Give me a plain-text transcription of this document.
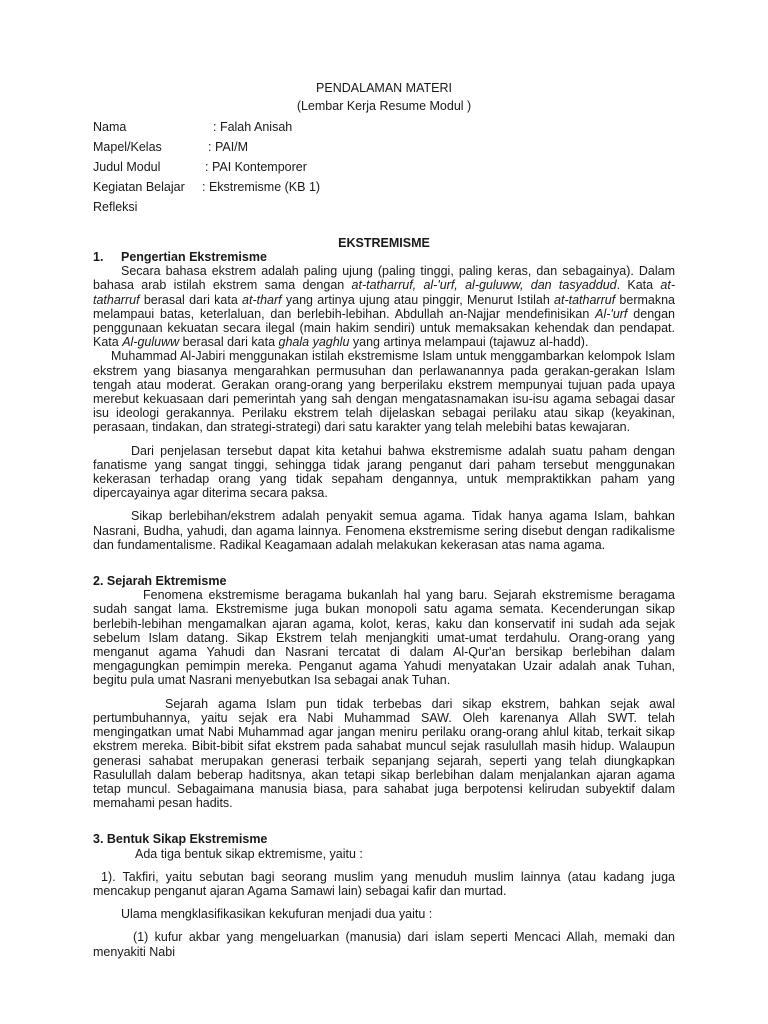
PENDALAMAN MATERI
(Lembar Kerja Resume Modul )
Nama	: Falah Anisah
Mapel/Kelas	: PAI/M
Judul Modul	: PAI Kontemporer
Kegiatan Belajar : Ekstremisme (KB 1)
Refleksi
EKSTREMISME
1. Pengertian Ekstremisme

Secara bahasa ekstrem adalah paling ujung (paling tinggi, paling keras, dan sebagainya). Dalam bahasa arab istilah ekstrem sama dengan at-tatharruf, al-'urf, al-guluww, dan tasyaddud. Kata at-tatharruf berasal dari kata at-tharf yang artinya ujung atau pinggir, Menurut Istilah at-tatharruf bermakna melampaui batas, keterlaluan, dan berlebih-lebihan. Abdullah an-Najjar mendefinisikan Al-'urf dengan penggunaan kekuatan secara ilegal (main hakim sendiri) untuk memaksakan kehendak dan pendapat. Kata Al-guluww berasal dari kata ghala yaghlu yang artinya melampaui (tajawuz al-hadd).

Muhammad Al-Jabiri menggunakan istilah ekstremisme Islam untuk menggambarkan kelompok Islam ekstrem yang biasanya mengarahkan permusuhan dan perlawanannya pada gerakan-gerakan Islam tengah atau moderat. Gerakan orang-orang yang berperilaku ekstrem mempunyai tujuan pada upaya merebut kekuasaan dari pemerintah yang sah dengan mengatasnamakan isu-isu agama sebagai dasar isu ideologi gerakannya. Perilaku ekstrem telah dijelaskan sebagai perilaku atau sikap (keyakinan, perasaan, tindakan, dan strategi-strategi) dari satu karakter yang telah melebihi batas kewajaran.

Dari penjelasan tersebut dapat kita ketahui bahwa ekstremisme adalah suatu paham dengan fanatisme yang sangat tinggi, sehingga tidak jarang penganut dari paham tersebut menggunakan kekerasan terhadap orang yang tidak sepaham dengannya, untuk mempraktikkan paham yang dipercayainya agar diterima secara paksa.

Sikap berlebihan/ekstrem adalah penyakit semua agama. Tidak hanya agama Islam, bahkan Nasrani, Budha, yahudi, dan agama lainnya. Fenomena ekstremisme sering disebut dengan radikalisme dan fundamentalisme. Radikal Keagamaan adalah melakukan kekerasan atas nama agama.

2. Sejarah Ektremisme

Fenomena ekstremisme beragama bukanlah hal yang baru. Sejarah ekstremisme beragama sudah sangat lama. Ekstremisme juga bukan monopoli satu agama semata. Kecenderungan sikap berlebih-lebihan mengamalkan ajaran agama, kolot, keras, kaku dan konservatif ini sudah ada sejak sebelum Islam datang. Sikap Ekstrem telah menjangkiti umat-umat terdahulu. Orang-orang yang menganut agama Yahudi dan Nasrani tercatat di dalam Al-Qur'an bersikap berlebihan dalam mengagungkan pemimpin mereka. Penganut agama Yahudi menyatakan Uzair adalah anak Tuhan, begitu pula umat Nasrani menyebutkan Isa sebagai anak Tuhan.

Sejarah agama Islam pun tidak terbebas dari sikap ekstrem, bahkan sejak awal pertumbuhannya, yaitu sejak era Nabi Muhammad SAW. Oleh karenanya Allah SWT. telah mengingatkan umat Nabi Muhammad agar jangan meniru perilaku orang-orang ahlul kitab, terkait sikap ekstrem mereka. Bibit-bibit sifat ekstrem pada sahabat muncul sejak rasulullah masih hidup. Walaupun generasi sahabat merupakan generasi terbaik sepanjang sejarah, seperti yang telah diungkapkan Rasulullah dalam beberap haditsnya, akan tetapi sikap berlebihan dalam menjalankan ajaran agama tetap muncul. Sebagaimana manusia biasa, para sahabat juga berpotensi kelirudan subyektif dalam memahami pesan hadits.

3. Bentuk Sikap Ekstremisme

Ada tiga bentuk sikap ektremisme, yaitu :

1). Takfiri, yaitu sebutan bagi seorang muslim yang menuduh muslim lainnya (atau kadang juga mencakup penganut ajaran Agama Samawi lain) sebagai kafir dan murtad.

Ulama mengklasifikasikan kekufuran menjadi dua yaitu :

(1) kufur akbar yang mengeluarkan (manusia) dari islam seperti Mencaci Allah, memaki dan menyakiti Nabi
